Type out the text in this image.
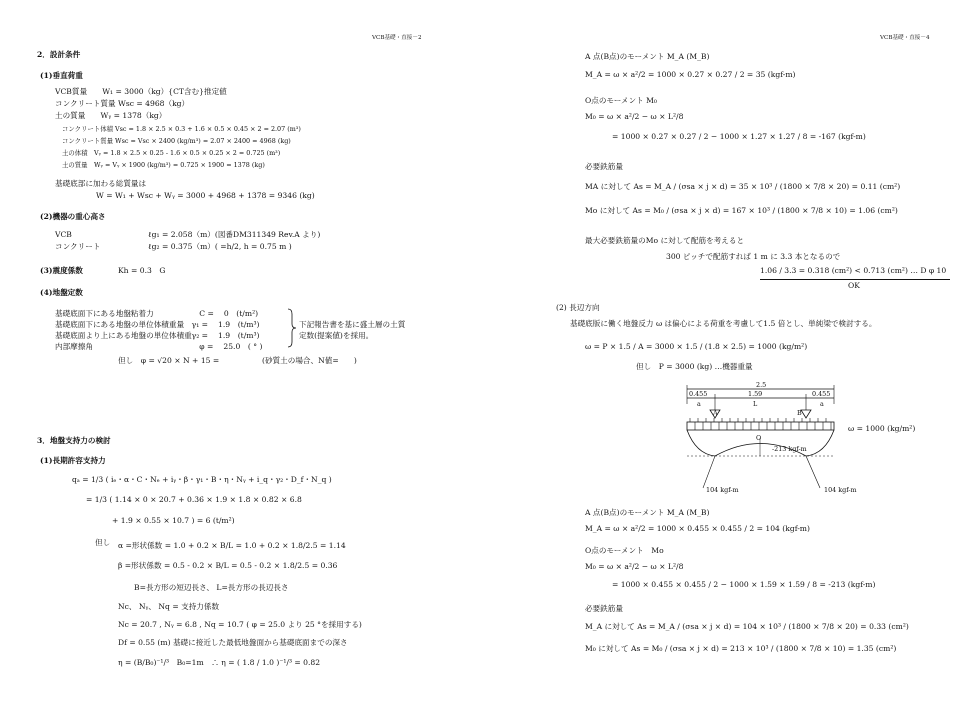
VCB基礎・直接－2
2．設計条件
(1)垂直荷重
VCB質量　　W₁ = 3000（kg）{CT含む}推定値
コンクリート質量 Wsc = 4968（kg）
土の質量　　Wᵧ = 1378（kg）
コンクリート体積 Vsc = 1.8 × 2.5 × 0.3 + 1.6 × 0.5 × 0.45 × 2 = 2.07 (m³)
コンクリート質量 Wsc = Vsc × 2400 (kg/m³) = 2.07 × 2400 = 4968 (kg)
土の体積　Vᵧ = 1.8 × 2.5 × 0.25 - 1.6 × 0.5 × 0.25 × 2 = 0.725 (m³)
土の質量　Wᵧ = Vᵧ × 1900 (kg/m³) = 0.725 × 1900 = 1378 (kg)
基礎底部に加わる総質量は
W = W₁ + Wsc + Wᵧ = 3000 + 4968 + 1378 = 9346 (kg)
(2)機器の重心高さ
VCB	ℓg₁ = 2.058（m）(図番DM311349 Rev.A より)
コンクリート	ℓg₂ = 0.375（m）( =h/2, h = 0.75 m )
(3)震度係数	Kh = 0.3　G
(4)地盤定数
基礎底面下にある地盤粘着力　　　　　　C = 　0　(t/m²)
基礎底面下にある地盤の単位体積重量　γ₁ = 　1.9　(t/m³)
基礎底面より上にある地盤の単位体積重γ₂ = 　1.9　(t/m³)
内部摩擦角　　　　　　　　　　　　　　φ = 　25.0　( ° )
下記報告書を基に盛土層の土質
定数(提案値)を採用。
但し　φ = √20 × N + 15 =	(砂質土の場合、N値=　　)
3．地盤支持力の検討
(1)長期許容支持力
qₐ = 1/3 ( iₑ・α・C・Nₑ + iᵧ・β・γ₁・B・η・Nᵧ + i_q・γ₂・D_f・N_q )
= 1/3 ( 1.14 × 0 × 20.7 + 0.36 × 1.9 × 1.8 × 0.82 × 6.8
+ 1.9 × 0.55 × 10.7 ) = 6 (t/m²)
但し α =形状係数 = 1.0 + 0.2 × B/L = 1.0 + 0.2 × 1.8/2.5 = 1.14
β =形状係数 = 0.5 - 0.2 × B/L = 0.5 - 0.2 × 1.8/2.5 = 0.36
B=長方形の短辺長さ、 L=長方形の長辺長さ
Nc、 Nᵧ、 Nq = 支持力係数
Nc = 20.7 , Nᵧ = 6.8 , Nq = 10.7 ( φ = 25.0 より 25 °を採用する)
Df = 0.55 (m) 基礎に接近した最低地盤面から基礎底面までの深さ
η = (B/B₀)⁻¹/³　B₀=1m　∴ η = ( 1.8 / 1.0 )⁻¹/³ = 0.82
VCB基礎・直接－4
A 点(B点)のモーメント M_A (M_B)
M_A = ω × a²/2 = 1000 × 0.27 × 0.27 / 2 = 35 (kgf-m)
O点のモーメント M₀
M₀ = ω × a²/2 − ω × L²/8
= 1000 × 0.27 × 0.27 / 2 − 1000 × 1.27 × 1.27 / 8 = -167 (kgf-m)
必要鉄筋量
MA に対して As = M_A / (σsa × j × d) = 35 × 10³ / (1800 × 7/8 × 20) = 0.11 (cm²)
Mo に対して As = M₀ / (σsa × j × d) = 167 × 10³ / (1800 × 7/8 × 10) = 1.06 (cm²)
最大必要鉄筋量のMo に対して配筋を考えると
300 ピッチで配筋すれば 1 m に 3.3 本となるので
1.06 / 3.3 = 0.318 (cm²) < 0.713 (cm²) … D φ 10
OK
(2) 長辺方向
基礎底版に働く地盤反力 ω は偏心による荷重を考慮して1.5 倍とし、単純梁で検討する。
ω = P × 1.5 / A = 3000 × 1.5 / (1.8 × 2.5) = 1000 (kg/m²)
但し　P = 3000 (kg) …機器重量
2.5
0.455	1.59	0.455
a	L	a
A	B
ω = 1000 (kg/m²)
O
-213 kgf-m
104 kgf-m	104 kgf-m
A 点(B点)のモーメント M_A (M_B)
M_A = ω × a²/2 = 1000 × 0.455 × 0.455 / 2 = 104 (kgf-m)
O点のモーメント　Mo
M₀ = ω × a²/2 − ω × L²/8
= 1000 × 0.455 × 0.455 / 2 − 1000 × 1.59 × 1.59 / 8 = -213 (kgf-m)
必要鉄筋量
M_A に対して As = M_A / (σsa × j × d) = 104 × 10³ / (1800 × 7/8 × 20) = 0.33 (cm²)
M₀ に対して As = M₀ / (σsa × j × d) = 213 × 10³ / (1800 × 7/8 × 10) = 1.35 (cm²)
